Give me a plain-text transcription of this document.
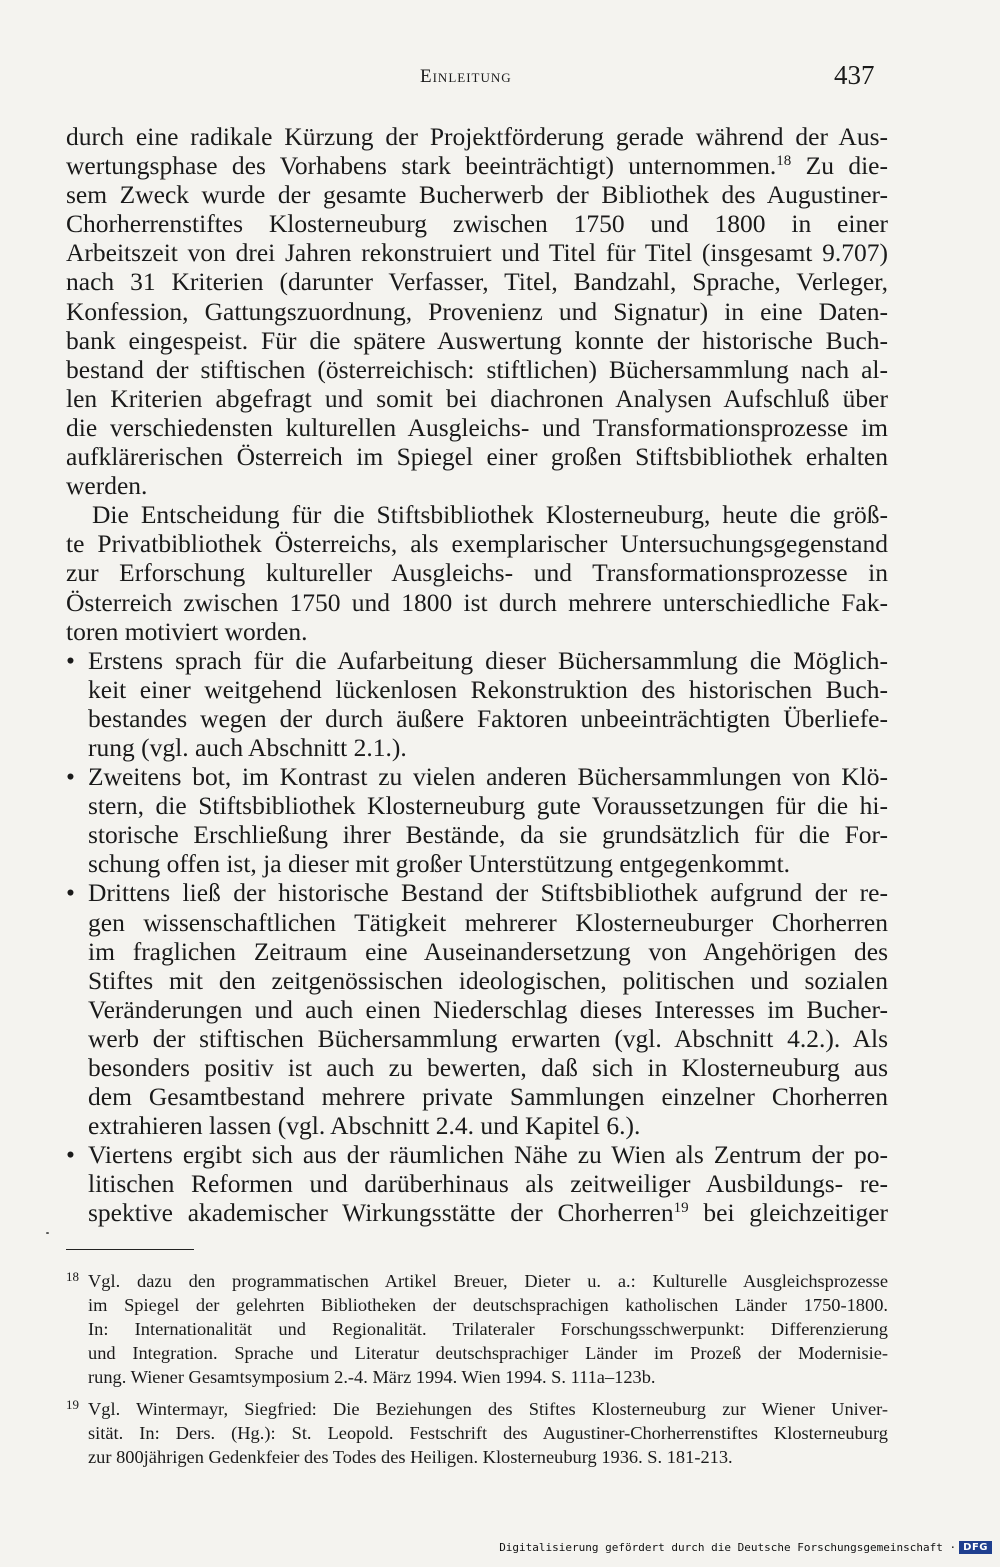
Einleitung	437
durch eine radikale Kürzung der Projektförderung gerade während der Aus-
wertungsphase des Vorhabens stark beeinträchtigt) unternommen.$^{18}$ Zu die-
sem Zweck wurde der gesamte Bucherwerb der Bibliothek des Augustiner-
Chorherrenstiftes Klosterneuburg zwischen 1750 und 1800 in einer
Arbeitszeit von drei Jahren rekonstruiert und Titel für Titel (insgesamt 9.707)
nach 31 Kriterien (darunter Verfasser, Titel, Bandzahl, Sprache, Verleger,
Konfession, Gattungszuordnung, Provenienz und Signatur) in eine Daten-
bank eingespeist. Für die spätere Auswertung konnte der historische Buch-
bestand der stiftischen (österreichisch: stiftlichen) Büchersammlung nach al-
len Kriterien abgefragt und somit bei diachronen Analysen Aufschluß über
die verschiedensten kulturellen Ausgleichs- und Transformationsprozesse im
aufklärerischen Österreich im Spiegel einer großen Stiftsbibliothek erhalten
werden.
Die Entscheidung für die Stiftsbibliothek Klosterneuburg, heute die größ-
te Privatbibliothek Österreichs, als exemplarischer Untersuchungsgegenstand
zur Erforschung kultureller Ausgleichs- und Transformationsprozesse in
Österreich zwischen 1750 und 1800 ist durch mehrere unterschiedliche Fak-
toren motiviert worden.
• Erstens sprach für die Aufarbeitung dieser Büchersammlung die Möglich-
keit einer weitgehend lückenlosen Rekonstruktion des historischen Buch-
bestandes wegen der durch äußere Faktoren unbeeinträchtigten Überliefe-
rung (vgl. auch Abschnitt 2.1.).
• Zweitens bot, im Kontrast zu vielen anderen Büchersammlungen von Klö-
stern, die Stiftsbibliothek Klosterneuburg gute Voraussetzungen für die hi-
storische Erschließung ihrer Bestände, da sie grundsätzlich für die For-
schung offen ist, ja dieser mit großer Unterstützung entgegenkommt.
• Drittens ließ der historische Bestand der Stiftsbibliothek aufgrund der re-
gen wissenschaftlichen Tätigkeit mehrerer Klosterneuburger Chorherren
im fraglichen Zeitraum eine Auseinandersetzung von Angehörigen des
Stiftes mit den zeitgenössischen ideologischen, politischen und sozialen
Veränderungen und auch einen Niederschlag dieses Interesses im Bucher-
werb der stiftischen Büchersammlung erwarten (vgl. Abschnitt 4.2.). Als
besonders positiv ist auch zu bewerten, daß sich in Klosterneuburg aus
dem Gesamtbestand mehrere private Sammlungen einzelner Chorherren
extrahieren lassen (vgl. Abschnitt 2.4. und Kapitel 6.).
• Viertens ergibt sich aus der räumlichen Nähe zu Wien als Zentrum der po-
litischen Reformen und darüberhinaus als zeitweiliger Ausbildungs- re-
spektive akademischer Wirkungsstätte der Chorherren$^{19}$ bei gleichzeitiger
18 Vgl. dazu den programmatischen Artikel Breuer, Dieter u. a.: Kulturelle Ausgleichsprozesse
im Spiegel der gelehrten Bibliotheken der deutschsprachigen katholischen Länder 1750-1800.
In: Internationalität und Regionalität. Trilateraler Forschungsschwerpunkt: Differenzierung
und Integration. Sprache und Literatur deutschsprachiger Länder im Prozeß der Modernisie-
rung. Wiener Gesamtsymposium 2.-4. März 1994. Wien 1994. S. 111a–123b.
19 Vgl. Wintermayr, Siegfried: Die Beziehungen des Stiftes Klosterneuburg zur Wiener Univer-
sität. In: Ders. (Hg.): St. Leopold. Festschrift des Augustiner-Chorherrenstiftes Klosterneuburg
zur 800jährigen Gedenkfeier des Todes des Heiligen. Klosterneuburg 1936. S. 181-213.
Digitalisierung gefördert durch die Deutsche Forschungsgemeinschaft · DFG
